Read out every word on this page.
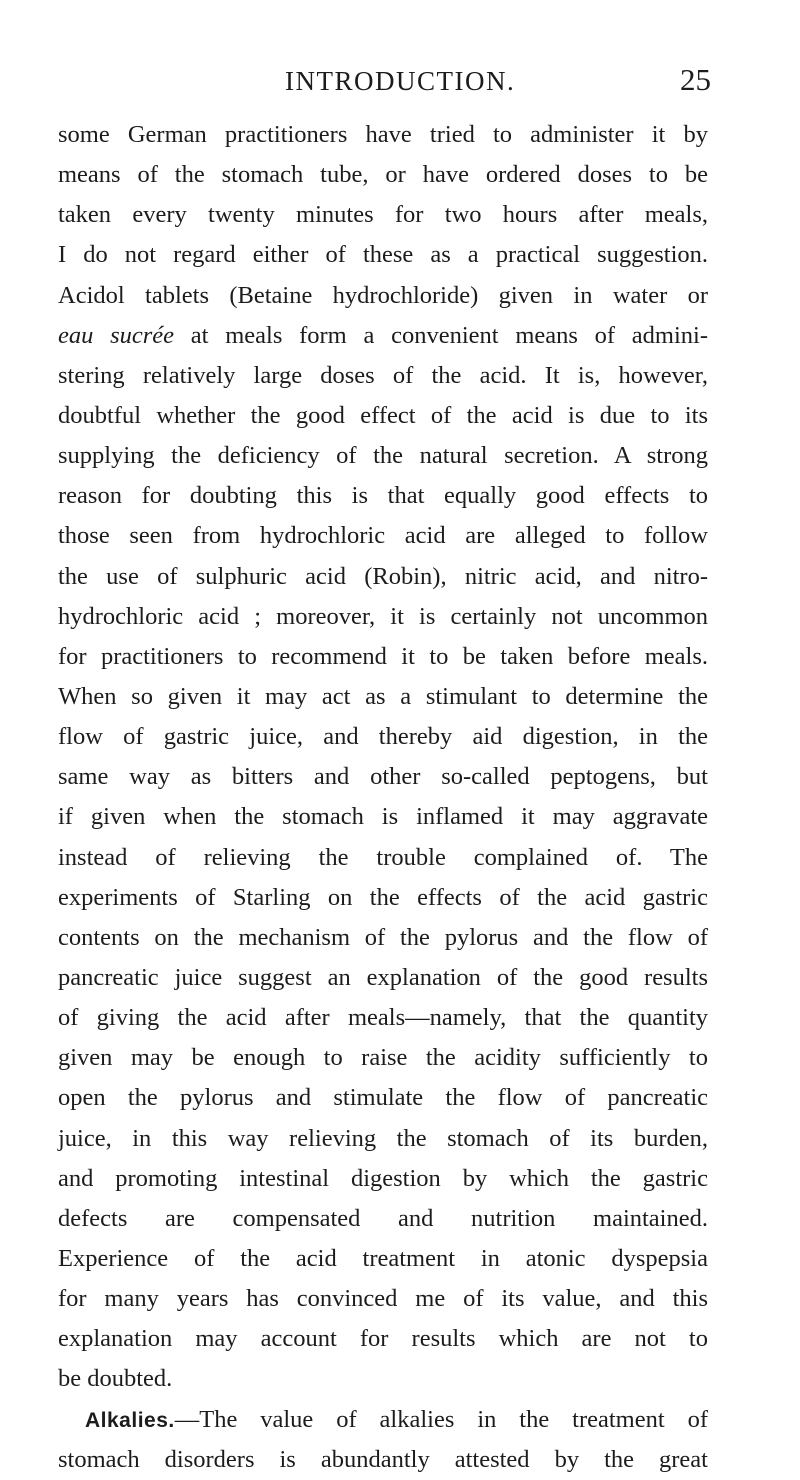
INTRODUCTION.	25
some German practitioners have tried to administer it by
means of the stomach tube, or have ordered doses to be
taken every twenty minutes for two hours after meals,
I do not regard either of these as a practical suggestion.
Acidol tablets (Betaine hydrochloride) given in water or
eau sucrée at meals form a convenient means of admini-
stering relatively large doses of the acid. It is, however,
doubtful whether the good effect of the acid is due to its
supplying the deficiency of the natural secretion. A strong
reason for doubting this is that equally good effects to
those seen from hydrochloric acid are alleged to follow
the use of sulphuric acid (Robin), nitric acid, and nitro-
hydrochloric acid ; moreover, it is certainly not uncommon
for practitioners to recommend it to be taken before meals.
When so given it may act as a stimulant to determine the
flow of gastric juice, and thereby aid digestion, in the
same way as bitters and other so-called peptogens, but
if given when the stomach is inflamed it may aggravate
instead of relieving the trouble complained of. The
experiments of Starling on the effects of the acid gastric
contents on the mechanism of the pylorus and the flow of
pancreatic juice suggest an explanation of the good results
of giving the acid after meals—namely, that the quantity
given may be enough to raise the acidity sufficiently to
open the pylorus and stimulate the flow of pancreatic
juice, in this way relieving the stomach of its burden,
and promoting intestinal digestion by which the gastric
defects are compensated and nutrition maintained.
Experience of the acid treatment in atonic dyspepsia
for many years has convinced me of its value, and this
explanation may account for results which are not to
be doubted.
Alkalies.—The value of alkalies in the treatment of
stomach disorders is abundantly attested by the great
